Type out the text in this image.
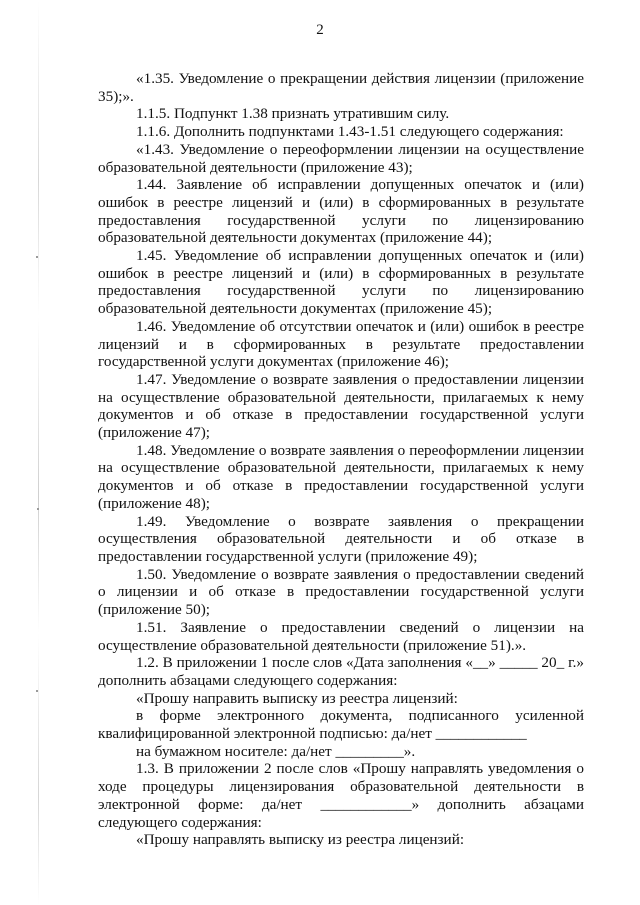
2

«1.35. Уведомление о прекращении действия лицензии (приложение 35);».

1.1.5. Подпункт 1.38 признать утратившим силу.

1.1.6. Дополнить подпунктами 1.43-1.51 следующего содержания:

«1.43. Уведомление о переоформлении лицензии на осуществление образовательной деятельности (приложение 43);

1.44. Заявление об исправлении допущенных опечаток и (или) ошибок в реестре лицензий и (или) в сформированных в результате предоставления государственной услуги по лицензированию образовательной деятельности документах (приложение 44);

1.45. Уведомление об исправлении допущенных опечаток и (или) ошибок в реестре лицензий и (или) в сформированных в результате предоставления государственной услуги по лицензированию образовательной деятельности документах (приложение 45);

1.46. Уведомление об отсутствии опечаток и (или) ошибок в реестре лицензий и в сформированных в результате предоставлении государственной услуги документах (приложение 46);

1.47. Уведомление о возврате заявления о предоставлении лицензии на осуществление образовательной деятельности, прилагаемых к нему документов и об отказе в предоставлении государственной услуги (приложение 47);

1.48. Уведомление о возврате заявления о переоформлении лицензии на осуществление образовательной деятельности, прилагаемых к нему документов и об отказе в предоставлении государственной услуги (приложение 48);

1.49. Уведомление о возврате заявления о прекращении осуществления образовательной деятельности и об отказе в предоставлении государственной услуги (приложение 49);

1.50. Уведомление о возврате заявления о предоставлении сведений о лицензии и об отказе в предоставлении государственной услуги (приложение 50);

1.51. Заявление о предоставлении сведений о лицензии на осуществление образовательной деятельности (приложение 51).».

1.2. В приложении 1 после слов «Дата заполнения «__» _____ 20_ г.» дополнить абзацами следующего содержания:

«Прошу направить выписку из реестра лицензий:

в форме электронного документа, подписанного усиленной квалифицированной электронной подписью: да/нет ____________

на бумажном носителе: да/нет _________».

1.3. В приложении 2 после слов «Прошу направлять уведомления о ходе процедуры лицензирования образовательной деятельности в электронной форме: да/нет ____________» дополнить абзацами следующего содержания:

«Прошу направлять выписку из реестра лицензий:
